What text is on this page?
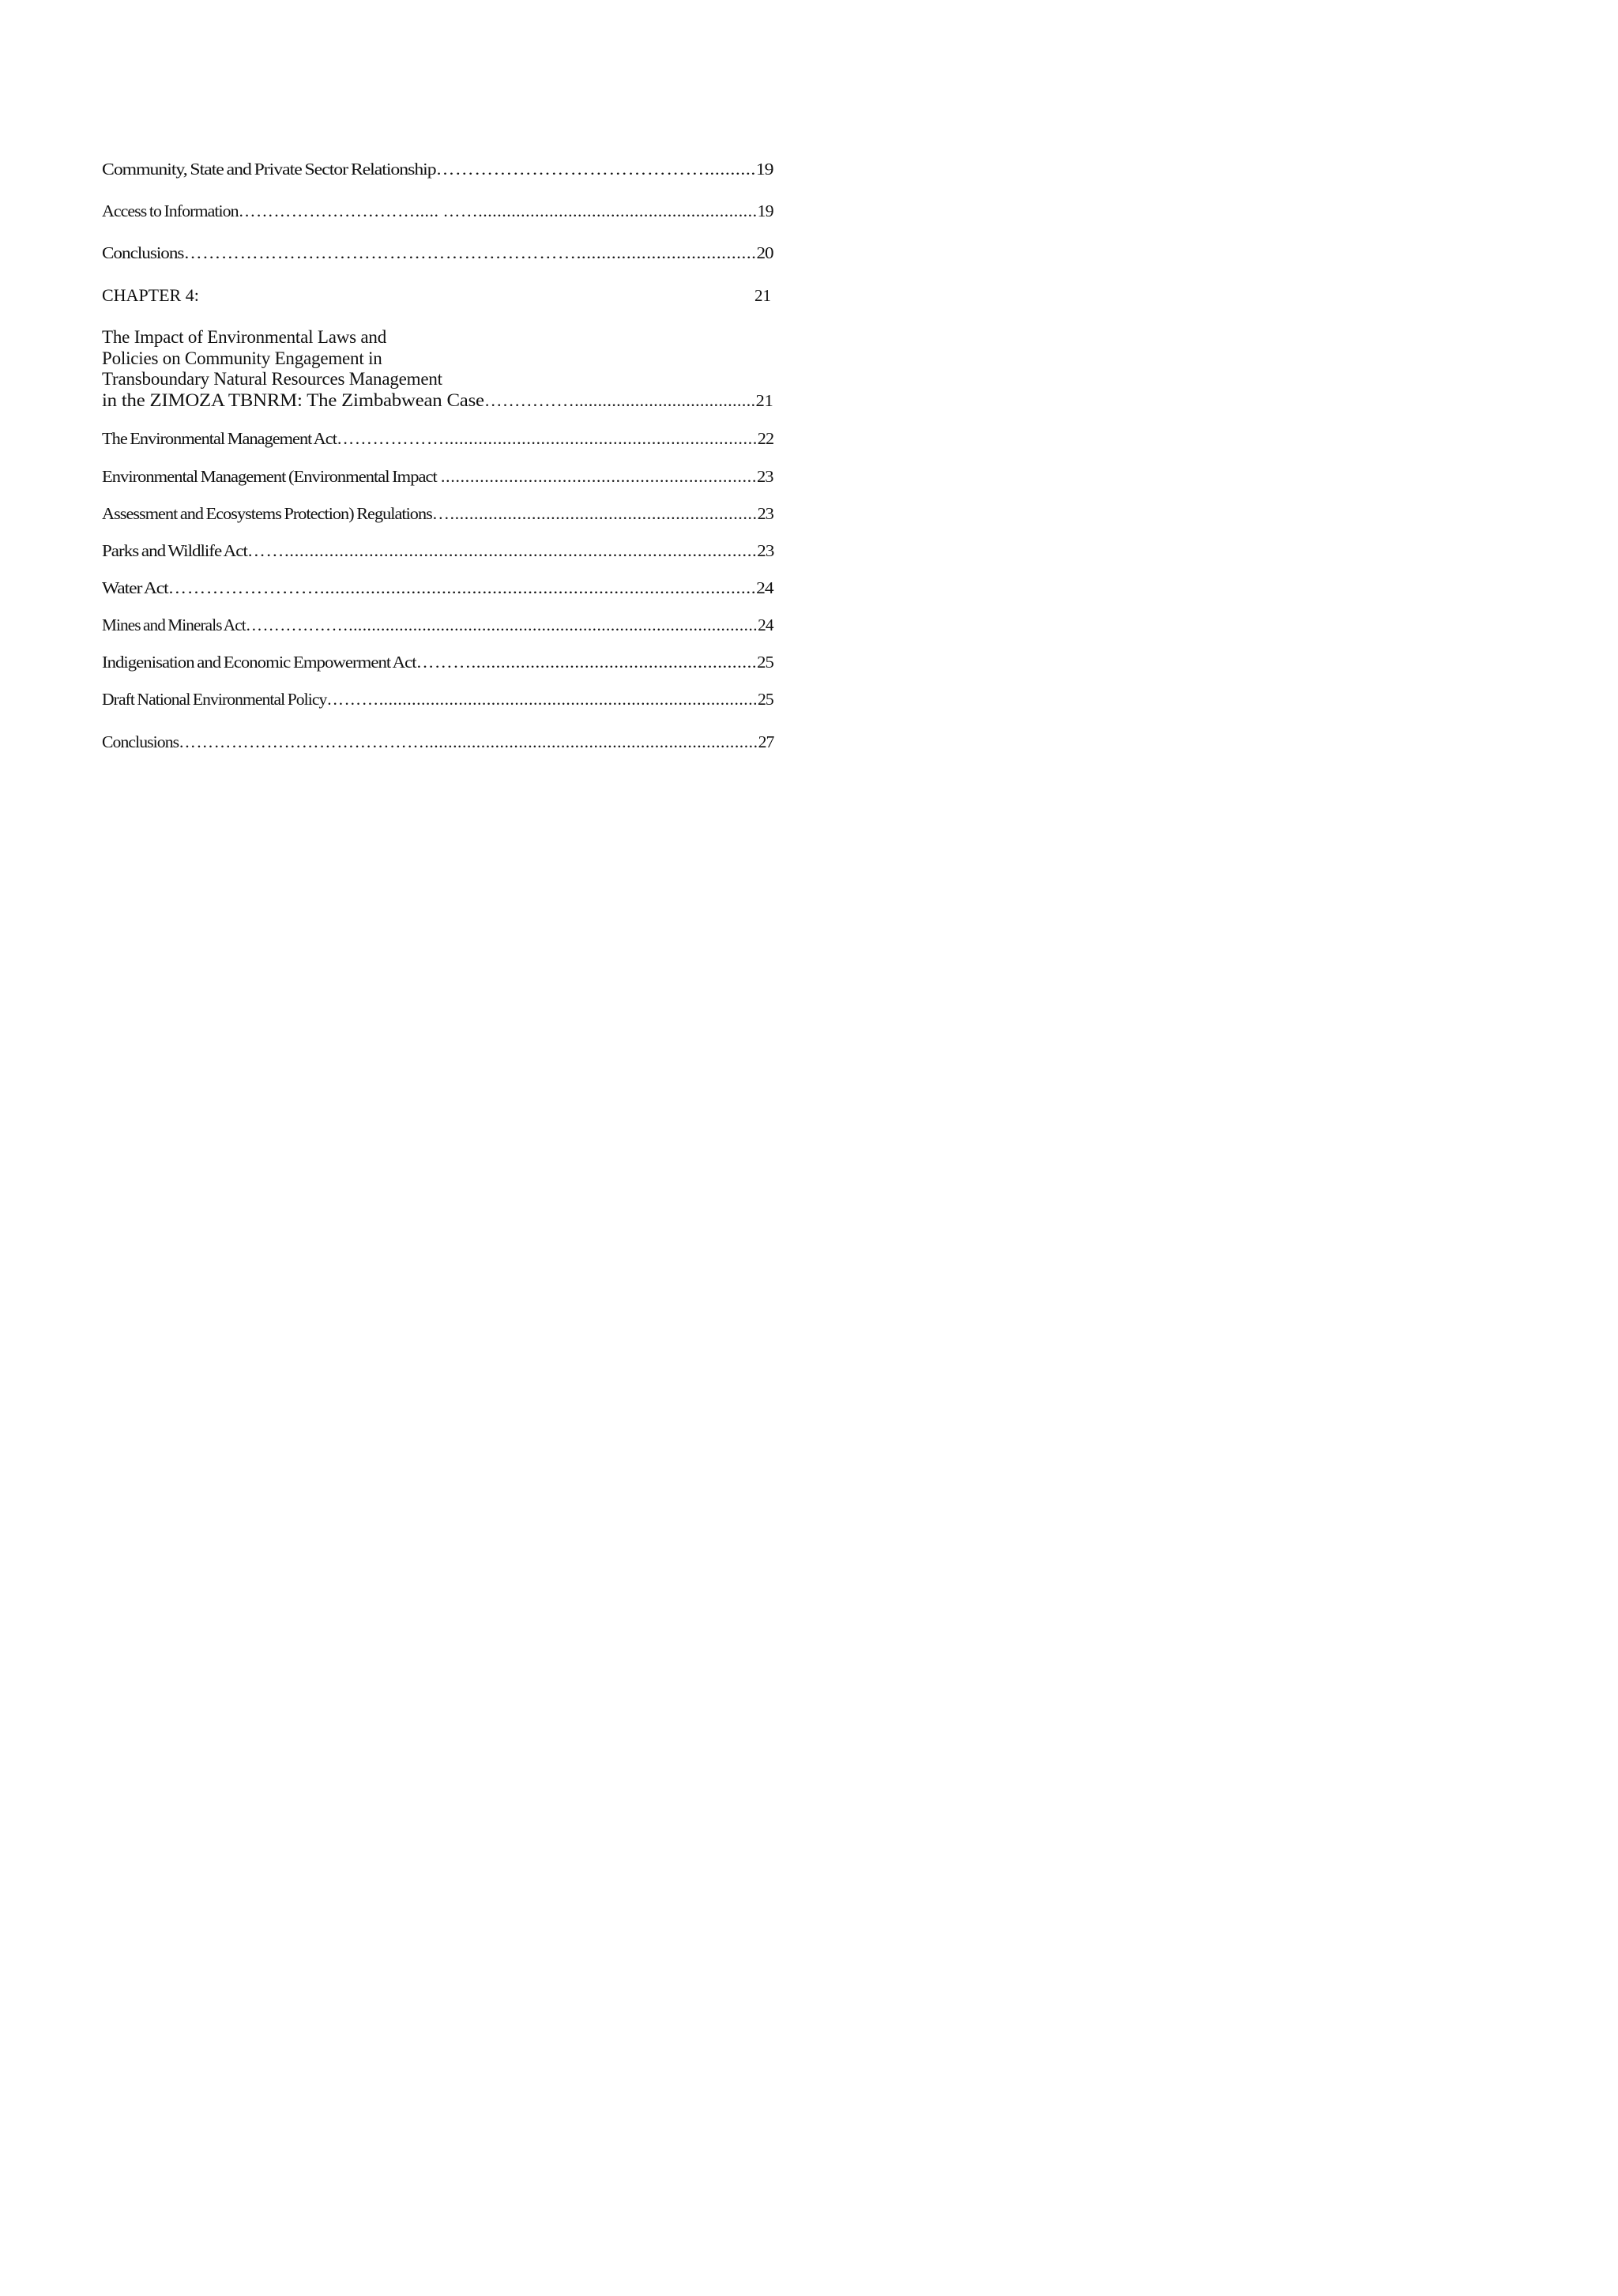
Community, State and Private Sector Relationship……………………………………..........19
Access to Information…………………………..... ……...........................................................19
Conclusions………………………………………………………....................................20
CHAPTER 4:	21
The Impact of Environmental Laws and
Policies on Community Engagement in
Transboundary Natural Resources Management
in the ZIMOZA TBNRM: The Zimbabwean Case…………….......................................21
The Environmental Management Act……………….................................................................22
Environmental Management (Environmental Impact .................................................................23
Assessment and Ecosystems Protection) Regulations…................................................................23
Parks and Wildlife Act……...............................................................................................23
Water Act……………………......................................................................................24
Mines and Minerals Act……………….........................................................................................24
Indigenisation and Economic Empowerment Act………..........................................................25
Draft National Environmental Policy……….................................................................................25
Conclusions…………………………………….......................................................................27
